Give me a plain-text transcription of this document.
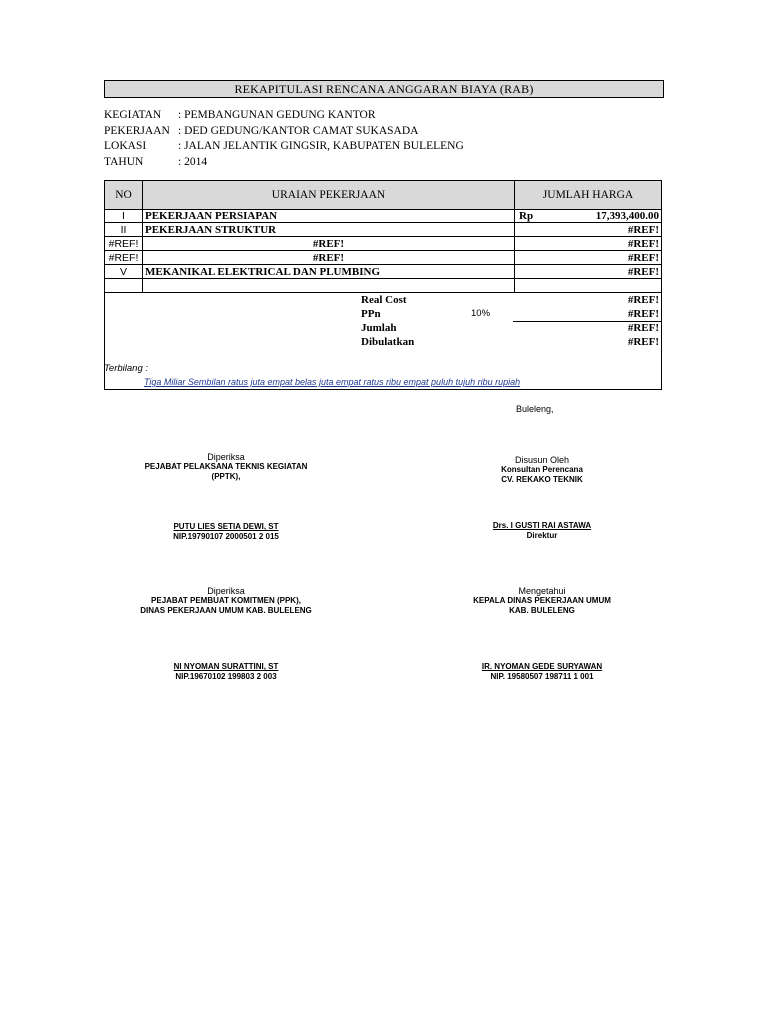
REKAPITULASI RENCANA ANGGARAN BIAYA (RAB)
KEGIATAN : PEMBANGUNAN GEDUNG KANTOR
PEKERJAAN : DED GEDUNG/KANTOR CAMAT SUKASADA
LOKASI	: JALAN JELANTIK GINGSIR, KABUPATEN BULELENG
TAHUN	: 2014
NO	URAIAN PEKERJAAN	JUMLAH HARGA
I	PEKERJAAN PERSIAPAN	Rp	17,393,400.00
II	PEKERJAAN STRUKTUR	#REF!
#REF!	#REF!	#REF!
#REF!	#REF!	#REF!
V	MEKANIKAL ELEKTRICAL DAN PLUMBING	#REF!
Real Cost	#REF!
PPn	10%	#REF!
Jumlah	#REF!
Dibulatkan	#REF!
Terbilang :
Tiga Miliar Sembilan ratus juta empat belas juta empat ratus ribu empat puluh tujuh ribu rupiah
Buleleng,
Diperiksa
PEJABAT PELAKSANA TEKNIS KEGIATAN
(PPTK),
PUTU LIES SETIA DEWI, ST
NIP.19790107 2000501 2 015
Disusun Oleh
Konsultan Perencana
CV. REKAKO TEKNIK
Drs. I GUSTI RAI ASTAWA
Direktur
Diperiksa
PEJABAT PEMBUAT KOMITMEN (PPK),
DINAS PEKERJAAN UMUM KAB. BULELENG
NI NYOMAN SURATTINI, ST
NIP.19670102 199803 2 003
Mengetahui
KEPALA DINAS PEKERJAAN UMUM
KAB. BULELENG
IR. NYOMAN GEDE SURYAWAN
NIP. 19580507 198711 1 001
